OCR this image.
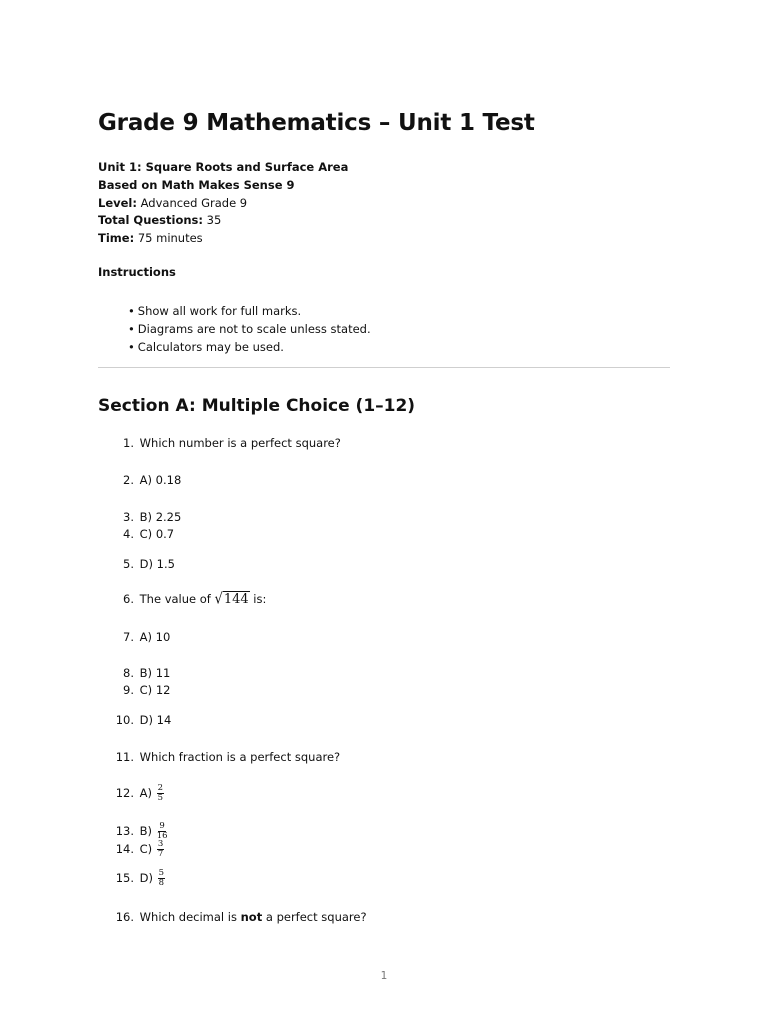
Grade 9 Mathematics – Unit 1 Test
Unit 1: Square Roots and Surface Area
Based on Math Makes Sense 9
Level: Advanced Grade 9
Total Questions: 35
Time: 75 minutes
Instructions
• Show all work for full marks.
• Diagrams are not to scale unless stated.
• Calculators may be used.
Section A: Multiple Choice (1–12)
1. Which number is a perfect square?
2. A) 0.18
3. B) 2.25
4. C) 0.7
5. D) 1.5
6. The value of √144 is:
7. A) 10
8. B) 11
9. C) 12
10. D) 14
11. Which fraction is a perfect square?
12. $A) \frac{2}{5}$
13. $B) \frac{9}{16}$
14. $C) \frac{3}{7}$
15. $D) \frac{5}{8}$
16. Which decimal is not a perfect square?
1
